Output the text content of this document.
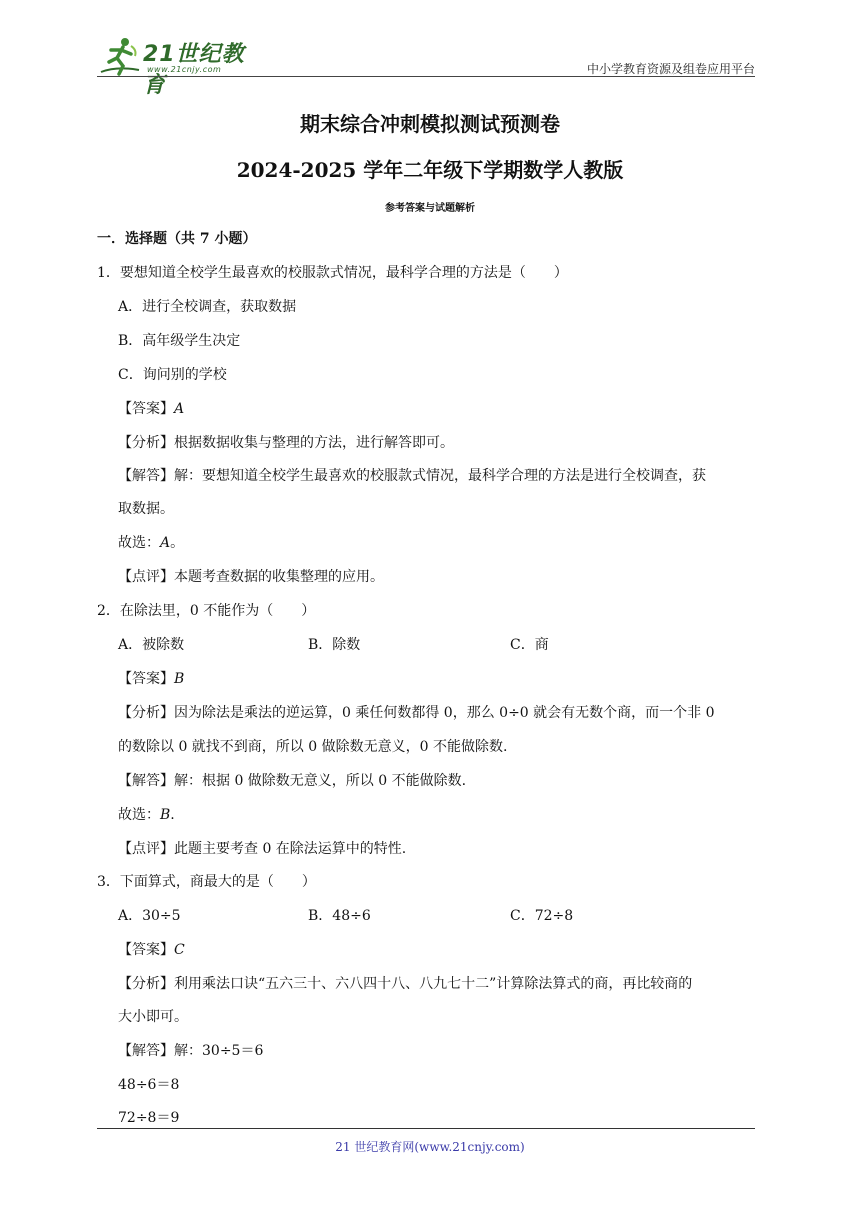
21世纪教育
www.21cnjy.com	中小学教育资源及组卷应用平台
期末综合冲刺模拟测试预测卷
2024-2025 学年二年级下学期数学人教版
参考答案与试题解析
一．选择题（共 7 小题）
1．要想知道全校学生最喜欢的校服款式情况，最科学合理的方法是（　　）
A．进行全校调查，获取数据
B．高年级学生决定
C．询问别的学校
【答案】A
【分析】根据数据收集与整理的方法，进行解答即可。
【解答】解：要想知道全校学生最喜欢的校服款式情况，最科学合理的方法是进行全校调查，获
取数据。
故选：A。
【点评】本题考查数据的收集整理的应用。
2．在除法里，0 不能作为（　　）
A．被除数	B．除数	C．商
【答案】B
【分析】因为除法是乘法的逆运算，0 乘任何数都得 0，那么 0÷0 就会有无数个商，而一个非 0
的数除以 0 就找不到商，所以 0 做除数无意义，0 不能做除数.
【解答】解：根据 0 做除数无意义，所以 0 不能做除数.
故选：B.
【点评】此题主要考查 0 在除法运算中的特性.
3．下面算式，商最大的是（　　）
A．30÷5	B．48÷6	C．72÷8
【答案】C
【分析】利用乘法口诀“五六三十、六八四十八、八九七十二”计算除法算式的商，再比较商的
大小即可。
【解答】解：30÷5＝6
48÷6＝8
72÷8＝9
21 世纪教育网(www.21cnjy.com)
